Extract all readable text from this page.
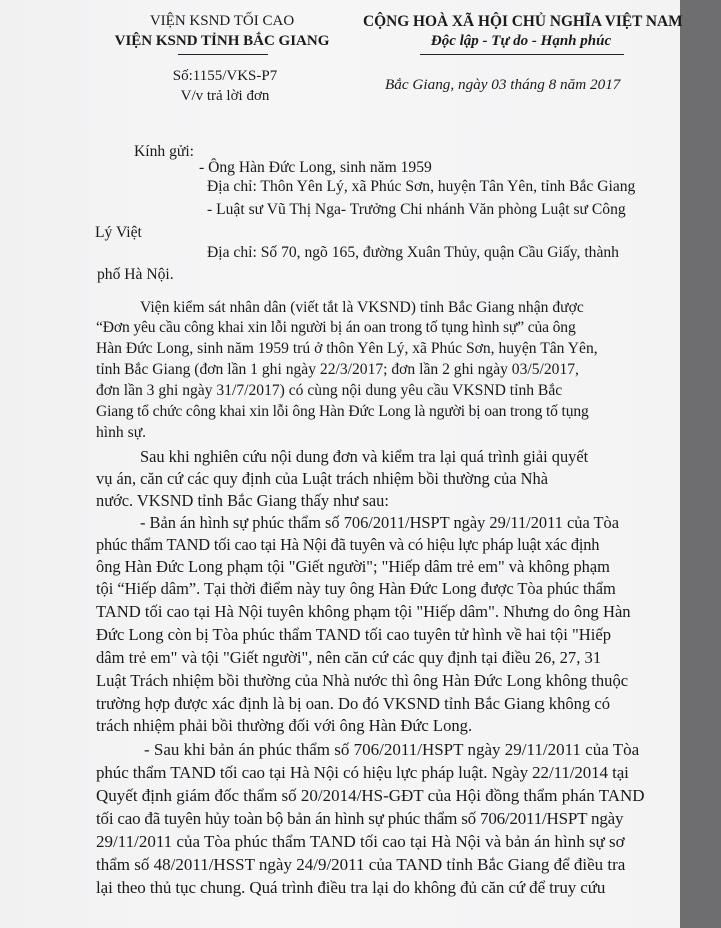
VIỆN KSND TỐI CAO
VIỆN KSND TỈNH BẮC GIANG
CỘNG HOÀ XÃ HỘI CHỦ NGHĨA VIỆT NAM
Độc lập - Tự do - Hạnh phúc
Số:1155/VKS-P7
V/v trả lời đơn
Bắc Giang, ngày 03 tháng 8 năm 2017
Kính gửi:
- Ông Hàn Đức Long, sinh năm 1959
Địa chỉ: Thôn Yên Lý, xã Phúc Sơn, huyện Tân Yên, tỉnh Bắc Giang
- Luật sư Vũ Thị Nga- Trưởng Chi nhánh Văn phòng Luật sư Công
Lý Việt
Địa chỉ: Số 70, ngõ 165, đường Xuân Thủy, quận Cầu Giấy, thành
phố Hà Nội.
Viện kiểm sát nhân dân (viết tắt là VKSND) tỉnh Bắc Giang nhận được
“Đơn yêu cầu công khai xin lỗi người bị án oan trong tố tụng hình sự” của ông
Hàn Đức Long, sinh năm 1959 trú ở thôn Yên Lý, xã Phúc Sơn, huyện Tân Yên,
tỉnh Bắc Giang (đơn lần 1 ghi ngày 22/3/2017; đơn lần 2 ghi ngày 03/5/2017,
đơn lần 3 ghi ngày 31/7/2017) có cùng nội dung yêu cầu VKSND tỉnh Bắc
Giang tổ chức công khai xin lỗi ông Hàn Đức Long là người bị oan trong tố tụng
hình sự.
Sau khi nghiên cứu nội dung đơn và kiểm tra lại quá trình giải quyết
vụ án, căn cứ các quy định của Luật trách nhiệm bồi thường của Nhà
nước. VKSND tỉnh Bắc Giang thấy như sau:
- Bản án hình sự phúc thẩm số 706/2011/HSPT ngày 29/11/2011 của Tòa
phúc thẩm TAND tối cao tại Hà Nội đã tuyên và có hiệu lực pháp luật xác định
ông Hàn Đức Long phạm tội "Giết người"; "Hiếp dâm trẻ em" và không phạm
tội “Hiếp dâm”. Tại thời điểm này tuy ông Hàn Đức Long được Tòa phúc thẩm
TAND tối cao tại Hà Nội tuyên không phạm tội "Hiếp dâm". Nhưng do ông Hàn
Đức Long còn bị Tòa phúc thẩm TAND tối cao tuyên tử hình về hai tội "Hiếp
dâm trẻ em" và tội "Giết người", nên căn cứ các quy định tại điều 26, 27, 31
Luật Trách nhiệm bồi thường của Nhà nước thì ông Hàn Đức Long không thuộc
trường hợp được xác định là bị oan. Do đó VKSND tỉnh Bắc Giang không có
trách nhiệm phải bồi thường đối với ông Hàn Đức Long.
- Sau khi bản án phúc thẩm số 706/2011/HSPT ngày 29/11/2011 của Tòa
phúc thẩm TAND tối cao tại Hà Nội có hiệu lực pháp luật. Ngày 22/11/2014 tại
Quyết định giám đốc thẩm số 20/2014/HS-GĐT của Hội đồng thẩm phán TAND
tối cao đã tuyên hủy toàn bộ bản án hình sự phúc thẩm số 706/2011/HSPT ngày
29/11/2011 của Tòa phúc thẩm TAND tối cao tại Hà Nội và bản án hình sự sơ
thẩm số 48/2011/HSST ngày 24/9/2011 của TAND tỉnh Bắc Giang để điều tra
lại theo thủ tục chung. Quá trình điều tra lại do không đủ căn cứ để truy cứu
